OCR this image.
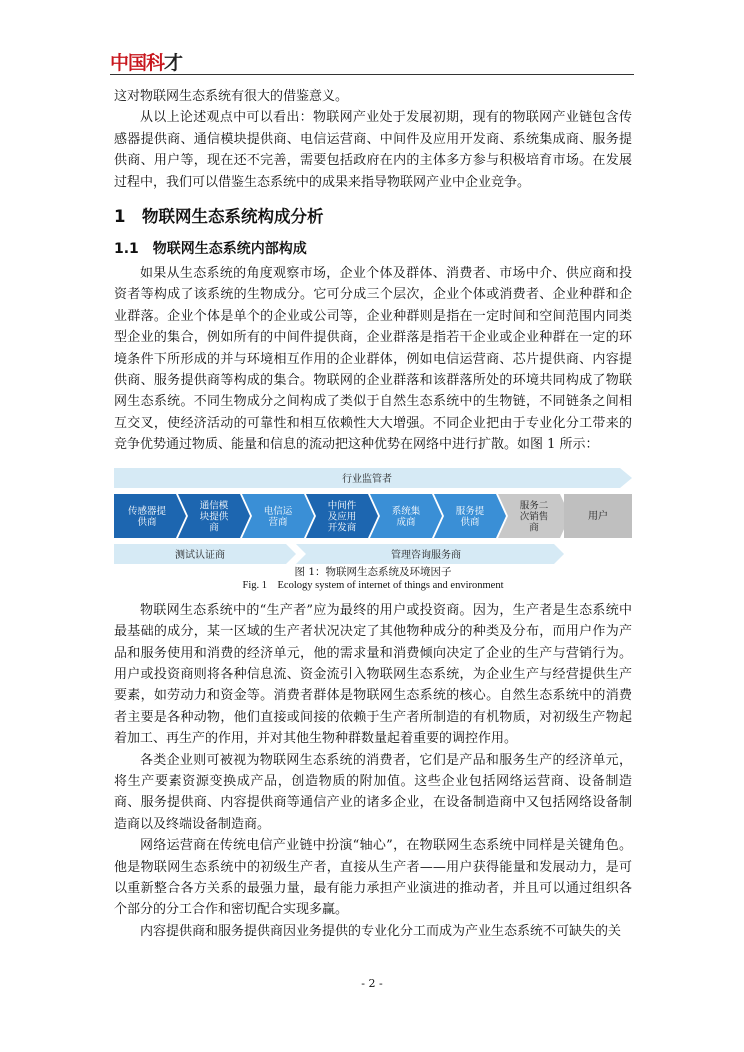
中国科才

这对物联网生态系统有很大的借鉴意义。

从以上论述观点中可以看出：物联网产业处于发展初期，现有的物联网产业链包含传感器提供商、通信模块提供商、电信运营商、中间件及应用开发商、系统集成商、服务提供商、用户等，现在还不完善，需要包括政府在内的主体多方参与积极培育市场。在发展过程中，我们可以借鉴生态系统中的成果来指导物联网产业中企业竞争。

1　物联网生态系统构成分析
1.1　物联网生态系统内部构成

如果从生态系统的角度观察市场，企业个体及群体、消费者、市场中介、供应商和投资者等构成了该系统的生物成分。它可分成三个层次，企业个体或消费者、企业种群和企业群落。企业个体是单个的企业或公司等，企业种群则是指在一定时间和空间范围内同类型企业的集合，例如所有的中间件提供商，企业群落是指若干企业或企业种群在一定的环境条件下所形成的并与环境相互作用的企业群体，例如电信运营商、芯片提供商、内容提供商、服务提供商等构成的集合。物联网的企业群落和该群落所处的环境共同构成了物联网生态系统。不同生物成分之间构成了类似于自然生态系统中的生物链，不同链条之间相互交叉，使经济活动的可靠性和相互依赖性大大增强。不同企业把由于专业化分工带来的竞争优势通过物质、能量和信息的流动把这种优势在网络中进行扩散。如图 1 所示：

行业监管者
传感器提
供商
通信模
块提供
商
电信运
营商
中间件
及应用
开发商
系统集
成商
服务提
供商
服务二
次销售
商
用户
测试认证商	管理咨询服务商
图 1：物联网生态系统及环境因子
Fig. 1　Ecology system of internet of things and environment

物联网生态系统中的“生产者”应为最终的用户或投资商。因为，生产者是生态系统中最基础的成分，某一区域的生产者状况决定了其他物种成分的种类及分布，而用户作为产品和服务使用和消费的经济单元，他的需求量和消费倾向决定了企业的生产与营销行为。用户或投资商则将各种信息流、资金流引入物联网生态系统，为企业生产与经营提供生产要素，如劳动力和资金等。消费者群体是物联网生态系统的核心。自然生态系统中的消费者主要是各种动物，他们直接或间接的依赖于生产者所制造的有机物质，对初级生产物起着加工、再生产的作用，并对其他生物种群数量起着重要的调控作用。

各类企业则可被视为物联网生态系统的消费者，它们是产品和服务生产的经济单元，将生产要素资源变换成产品，创造物质的附加值。这些企业包括网络运营商、设备制造商、服务提供商、内容提供商等通信产业的诸多企业，在设备制造商中又包括网络设备制造商以及终端设备制造商。

网络运营商在传统电信产业链中扮演“轴心”，在物联网生态系统中同样是关键角色。他是物联网生态系统中的初级生产者，直接从生产者——用户获得能量和发展动力，是可以重新整合各方关系的最强力量，最有能力承担产业演进的推动者，并且可以通过组织各个部分的分工合作和密切配合实现多赢。

内容提供商和服务提供商因业务提供的专业化分工而成为产业生态系统不可缺失的关

- 2 -
